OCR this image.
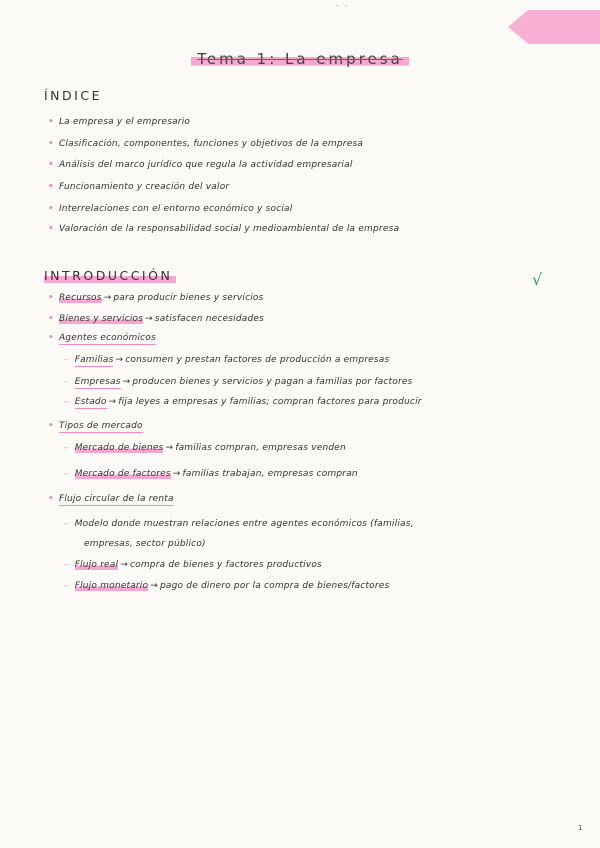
- -
Tema 1: La empresa
ÍNDICE
• La empresa y el empresario
• Clasificación, componentes, funciones y objetivos de la empresa
• Análisis del marco jurídico que regula la actividad empresarial
• Funcionamiento y creación del valor
• Interrelaciones con el entorno económico y social
• Valoración de la responsabilidad social y medioambiental de la empresa
INTRODUCCIÓN	√
• Recursos → para producir bienes y servicios
• Bienes y servicios → satisfacen necesidades
• Agentes económicos
– Familias → consumen y prestan factores de producción a empresas
– Empresas → producen bienes y servicios y pagan a familias por factores
– Estado → fija leyes a empresas y familias; compran factores para producir
• Tipos de mercado
– Mercado de bienes → familias compran, empresas venden
– Mercado de factores → familias trabajan, empresas compran
• Flujo circular de la renta
– Modelo donde muestran relaciones entre agentes económicos (familias,
empresas, sector público)
– Flujo real → compra de bienes y factores productivos
– Flujo monetario → pago de dinero por la compra de bienes/factores
1
